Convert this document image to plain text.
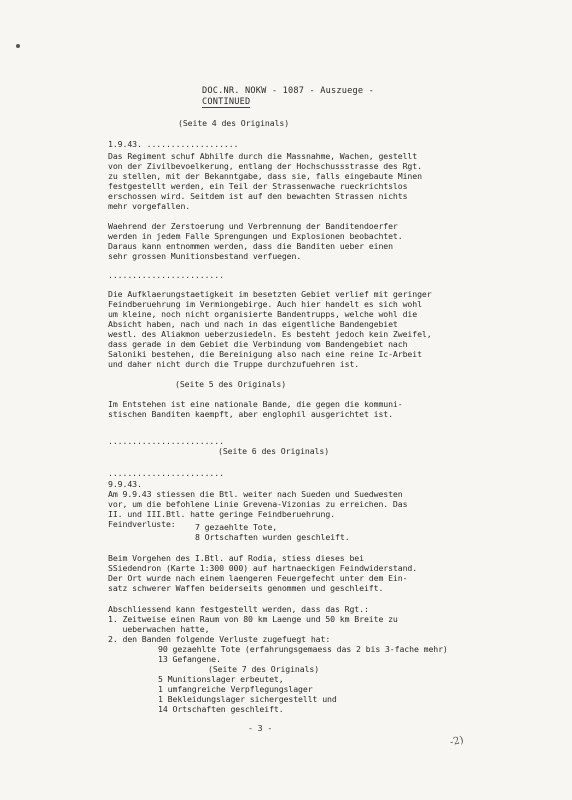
DOC.NR. NOKW - 1087 - Auszuege -
CONTINUED
(Seite 4 des Originals)
1.9.43. ...................
Das Regiment schuf Abhilfe durch die Massnahme, Wachen, gestellt
von der Zivilbevoelkerung, entlang der Hochschussstrasse des Rgt.
zu stellen, mit der Bekanntgabe, dass sie, falls eingebaute Minen
festgestellt werden, ein Teil der Strassenwache rueckrichtslos
erschossen wird. Seitdem ist auf den bewachten Strassen nichts
mehr vorgefallen.
Waehrend der Zerstoerung und Verbrennung der Banditendoerfer
werden in jedem Falle Sprengungen und Explosionen beobachtet.
Daraus kann entnommen werden, dass die Banditen ueber einen
sehr grossen Munitionsbestand verfuegen.
........................
Die Aufklaerungstaetigkeit im besetzten Gebiet verlief mit geringer
Feindberuehrung im Vermiongebirge. Auch hier handelt es sich wohl
um kleine, noch nicht organisierte Bandentrupps, welche wohl die
Absicht haben, nach und nach in das eigentliche Bandengebiet
westl. des Aliakmon ueberzusiedeln. Es besteht jedoch kein Zweifel,
dass gerade in dem Gebiet die Verbindung vom Bandengebiet nach
Saloniki bestehen, die Bereinigung also nach eine reine Ic-Arbeit
und daher nicht durch die Truppe durchzufuehren ist.
(Seite 5 des Originals)
Im Entstehen ist eine nationale Bande, die gegen die kommuni-
stischen Banditen kaempft, aber englophil ausgerichtet ist.
........................
(Seite 6 des Originals)
........................
9.9.43.
Am 9.9.43 stiessen die Btl. weiter nach Sueden und Suedwesten
vor, um die befohlene Linie Grevena-Vizonias zu erreichen. Das
II. und III.Btl. hatte geringe Feindberuehrung.
Feindverluste: 7 gezaehlte Tote,
8 Ortschaften wurden geschleift.
Beim Vorgehen des I.Btl. auf Rodia, stiess dieses bei
SSiedendron (Karte 1:300 000) auf hartnaeckigen Feindwiderstand.
Der Ort wurde nach einem laengeren Feuergefecht unter dem Ein-
satz schwerer Waffen beiderseits genommen und geschleift.
Abschliessend kann festgestellt werden, dass das Rgt.:
1. Zeitweise einen Raum von 80 km Laenge und 50 km Breite zu
ueberwachen hatte,
2. den Banden folgende Verluste zugefuegt hat:
90 gezaehlte Tote (erfahrungsgemaess das 2 bis 3-fache mehr)
13 Gefangene.
(Seite 7 des Originals)
5 Munitionslager erbeutet,
1 umfangreiche Verpflegungslager
1 Bekleidungslager sichergestellt und
14 Ortschaften geschleift.
- 3 -
-2)
